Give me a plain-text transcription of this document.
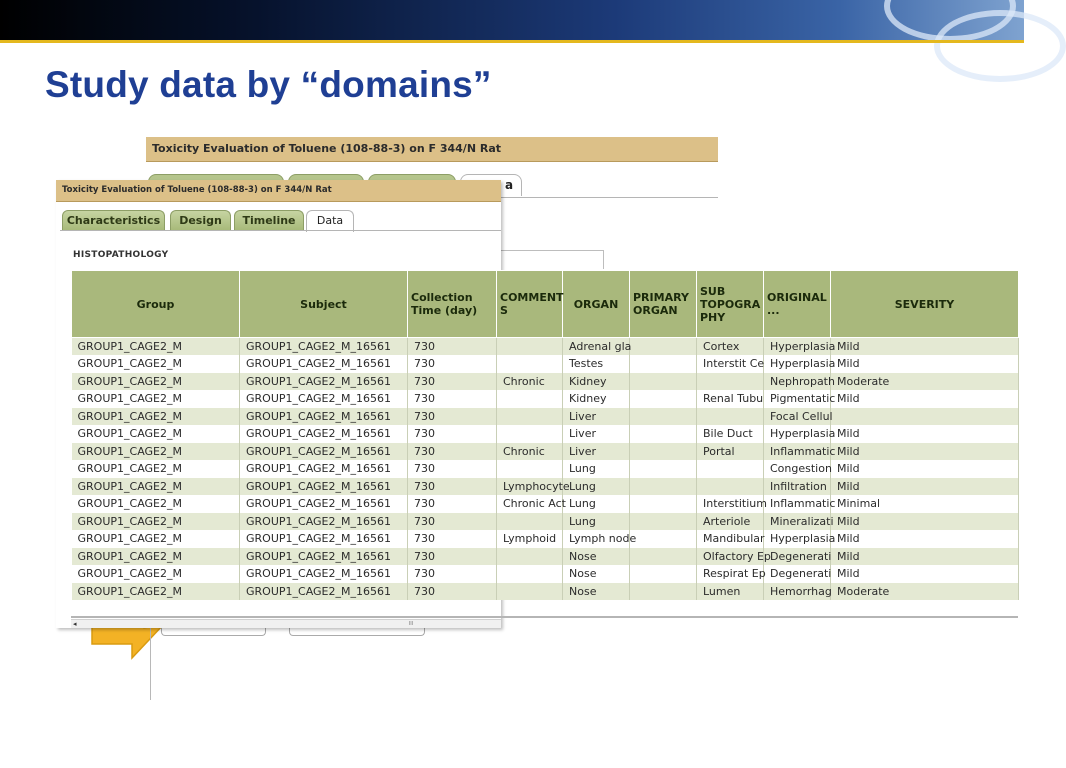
Study data by “domains”
Toxicity Evaluation of Toluene (108-88-3) on F 344/N Rat
a
Toxicity Evaluation of Toluene (108-88-3) on F 344/N Rat
Characteristics	Design	Timeline	Data
HISTOPATHOLOGY
◂	III
Group	Subject	Collection Time (day)	COMMENT S	ORGAN	PRIMARY ORGAN	SUB TOPOGRA PHY	ORIGINAL ...	SEVERITY
GROUP1_CAGE2_M	GROUP1_CAGE2_M_16561	730		Adrenal gla		Cortex	Hyperplasia	Mild
GROUP1_CAGE2_M	GROUP1_CAGE2_M_16561	730		Testes		Interstit Ce	Hyperplasia	Mild
GROUP1_CAGE2_M	GROUP1_CAGE2_M_16561	730	Chronic	Kidney			Nephropath	Moderate
GROUP1_CAGE2_M	GROUP1_CAGE2_M_16561	730		Kidney		Renal Tubu	Pigmentatic	Mild
GROUP1_CAGE2_M	GROUP1_CAGE2_M_16561	730		Liver			Focal Cellul	
GROUP1_CAGE2_M	GROUP1_CAGE2_M_16561	730		Liver		Bile Duct	Hyperplasia	Mild
GROUP1_CAGE2_M	GROUP1_CAGE2_M_16561	730	Chronic	Liver		Portal	Inflammatic	Mild
GROUP1_CAGE2_M	GROUP1_CAGE2_M_16561	730		Lung			Congestion	Mild
GROUP1_CAGE2_M	GROUP1_CAGE2_M_16561	730	Lymphocyte	Lung			Infiltration	Mild
GROUP1_CAGE2_M	GROUP1_CAGE2_M_16561	730	Chronic Act	Lung		Interstitium	Inflammatic	Minimal
GROUP1_CAGE2_M	GROUP1_CAGE2_M_16561	730		Lung		Arteriole	Mineralizati	Mild
GROUP1_CAGE2_M	GROUP1_CAGE2_M_16561	730	Lymphoid	Lymph node		Mandibular	Hyperplasia	Mild
GROUP1_CAGE2_M	GROUP1_CAGE2_M_16561	730		Nose		Olfactory Ep	Degenerati	Mild
GROUP1_CAGE2_M	GROUP1_CAGE2_M_16561	730		Nose		Respirat Ep	Degenerati	Mild
GROUP1_CAGE2_M	GROUP1_CAGE2_M_16561	730		Nose		Lumen	Hemorrhag	Moderate
